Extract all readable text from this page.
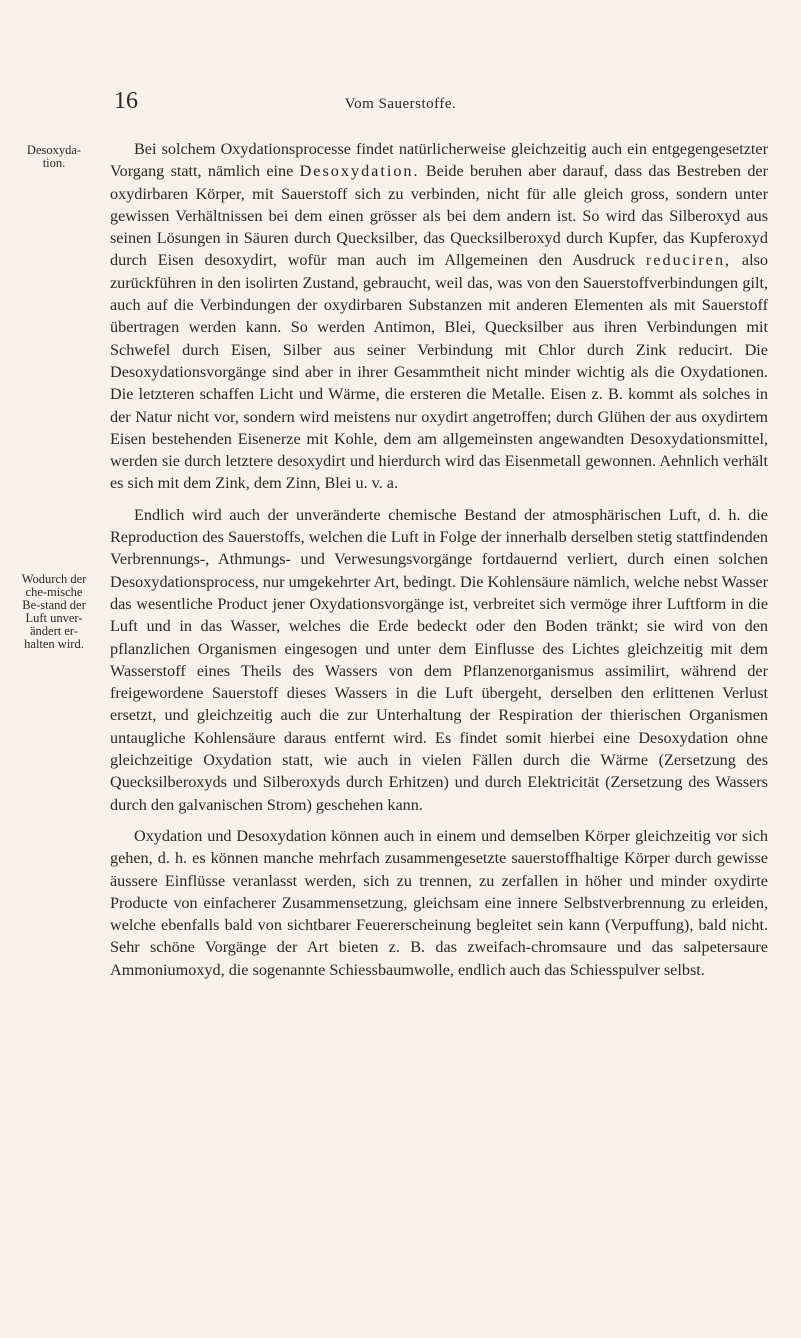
16	Vom Sauerstoffe.
Desoxyda-tion.
Wodurch der che-mische Be-stand der Luft unver-ändert er-halten wird.

Bei solchem Oxydationsprocesse findet natürlicherweise gleichzeitig auch ein entgegengesetzter Vorgang statt, nämlich eine Desoxydation. Beide beruhen aber darauf, dass das Bestreben der oxydirbaren Körper, mit Sauerstoff sich zu verbinden, nicht für alle gleich gross, sondern unter gewissen Verhältnissen bei dem einen grösser als bei dem andern ist. So wird das Silberoxyd aus seinen Lösungen in Säuren durch Quecksilber, das Quecksilberoxyd durch Kupfer, das Kupferoxyd durch Eisen desoxydirt, wofür man auch im Allgemeinen den Ausdruck reduciren, also zurückführen in den isolirten Zustand, gebraucht, weil das, was von den Sauerstoffverbindungen gilt, auch auf die Verbindungen der oxydirbaren Substanzen mit anderen Elementen als mit Sauerstoff übertragen werden kann. So werden Antimon, Blei, Quecksilber aus ihren Verbindungen mit Schwefel durch Eisen, Silber aus seiner Verbindung mit Chlor durch Zink reducirt. Die Desoxydationsvorgänge sind aber in ihrer Gesammtheit nicht minder wichtig als die Oxydationen. Die letzteren schaffen Licht und Wärme, die ersteren die Metalle. Eisen z. B. kommt als solches in der Natur nicht vor, sondern wird meistens nur oxydirt angetroffen; durch Glühen der aus oxydirtem Eisen bestehenden Eisenerze mit Kohle, dem am allgemeinsten angewandten Desoxydationsmittel, werden sie durch letztere desoxydirt und hierdurch wird das Eisenmetall gewonnen. Aehnlich verhält es sich mit dem Zink, dem Zinn, Blei u. v. a.

Endlich wird auch der unveränderte chemische Bestand der atmosphärischen Luft, d. h. die Reproduction des Sauerstoffs, welchen die Luft in Folge der innerhalb derselben stetig stattfindenden Verbrennungs-, Athmungs- und Verwesungsvorgänge fortdauernd verliert, durch einen solchen Desoxydationsprocess, nur umgekehrter Art, bedingt. Die Kohlensäure nämlich, welche nebst Wasser das wesentliche Product jener Oxydationsvorgänge ist, verbreitet sich vermöge ihrer Luftform in die Luft und in das Wasser, welches die Erde bedeckt oder den Boden tränkt; sie wird von den pflanzlichen Organismen eingesogen und unter dem Einflusse des Lichtes gleichzeitig mit dem Wasserstoff eines Theils des Wassers von dem Pflanzenorganismus assimilirt, während der freigewordene Sauerstoff dieses Wassers in die Luft übergeht, derselben den erlittenen Verlust ersetzt, und gleichzeitig auch die zur Unterhaltung der Respiration der thierischen Organismen untaugliche Kohlensäure daraus entfernt wird. Es findet somit hierbei eine Desoxydation ohne gleichzeitige Oxydation statt, wie auch in vielen Fällen durch die Wärme (Zersetzung des Quecksilberoxyds und Silberoxyds durch Erhitzen) und durch Elektricität (Zersetzung des Wassers durch den galvanischen Strom) geschehen kann.

Oxydation und Desoxydation können auch in einem und demselben Körper gleichzeitig vor sich gehen, d. h. es können manche mehrfach zusammengesetzte sauerstoffhaltige Körper durch gewisse äussere Einflüsse veranlasst werden, sich zu trennen, zu zerfallen in höher und minder oxydirte Producte von einfacherer Zusammensetzung, gleichsam eine innere Selbstverbrennung zu erleiden, welche ebenfalls bald von sichtbarer Feuererscheinung begleitet sein kann (Verpuffung), bald nicht. Sehr schöne Vorgänge der Art bieten z. B. das zweifach-chromsaure und das salpetersaure Ammoniumoxyd, die sogenannte Schiessbaumwolle, endlich auch das Schiesspulver selbst.
